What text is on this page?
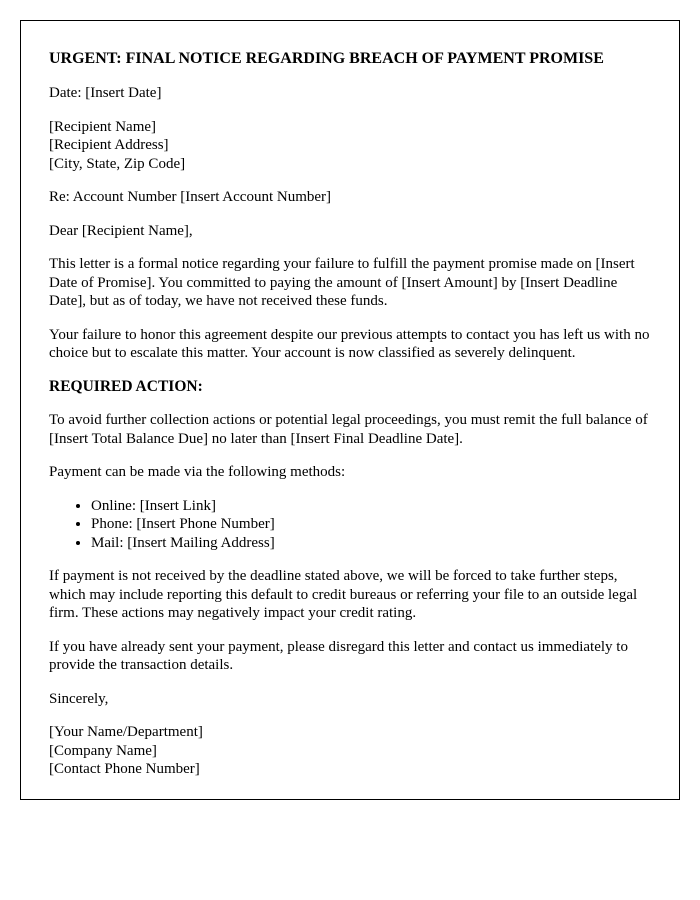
URGENT: FINAL NOTICE REGARDING BREACH OF PAYMENT PROMISE

Date: [Insert Date]

[Recipient Name]
[Recipient Address]
[City, State, Zip Code]

Re: Account Number [Insert Account Number]

Dear [Recipient Name],

This letter is a formal notice regarding your failure to fulfill the payment promise made on [Insert Date of Promise]. You committed to paying the amount of [Insert Amount] by [Insert Deadline Date], but as of today, we have not received these funds.

Your failure to honor this agreement despite our previous attempts to contact you has left us with no choice but to escalate this matter. Your account is now classified as severely delinquent.

REQUIRED ACTION:

To avoid further collection actions or potential legal proceedings, you must remit the full balance of [Insert Total Balance Due] no later than [Insert Final Deadline Date].

Payment can be made via the following methods:

• Online: [Insert Link]
• Phone: [Insert Phone Number]
• Mail: [Insert Mailing Address]

If payment is not received by the deadline stated above, we will be forced to take further steps, which may include reporting this default to credit bureaus or referring your file to an outside legal firm. These actions may negatively impact your credit rating.

If you have already sent your payment, please disregard this letter and contact us immediately to provide the transaction details.

Sincerely,

[Your Name/Department]
[Company Name]
[Contact Phone Number]
